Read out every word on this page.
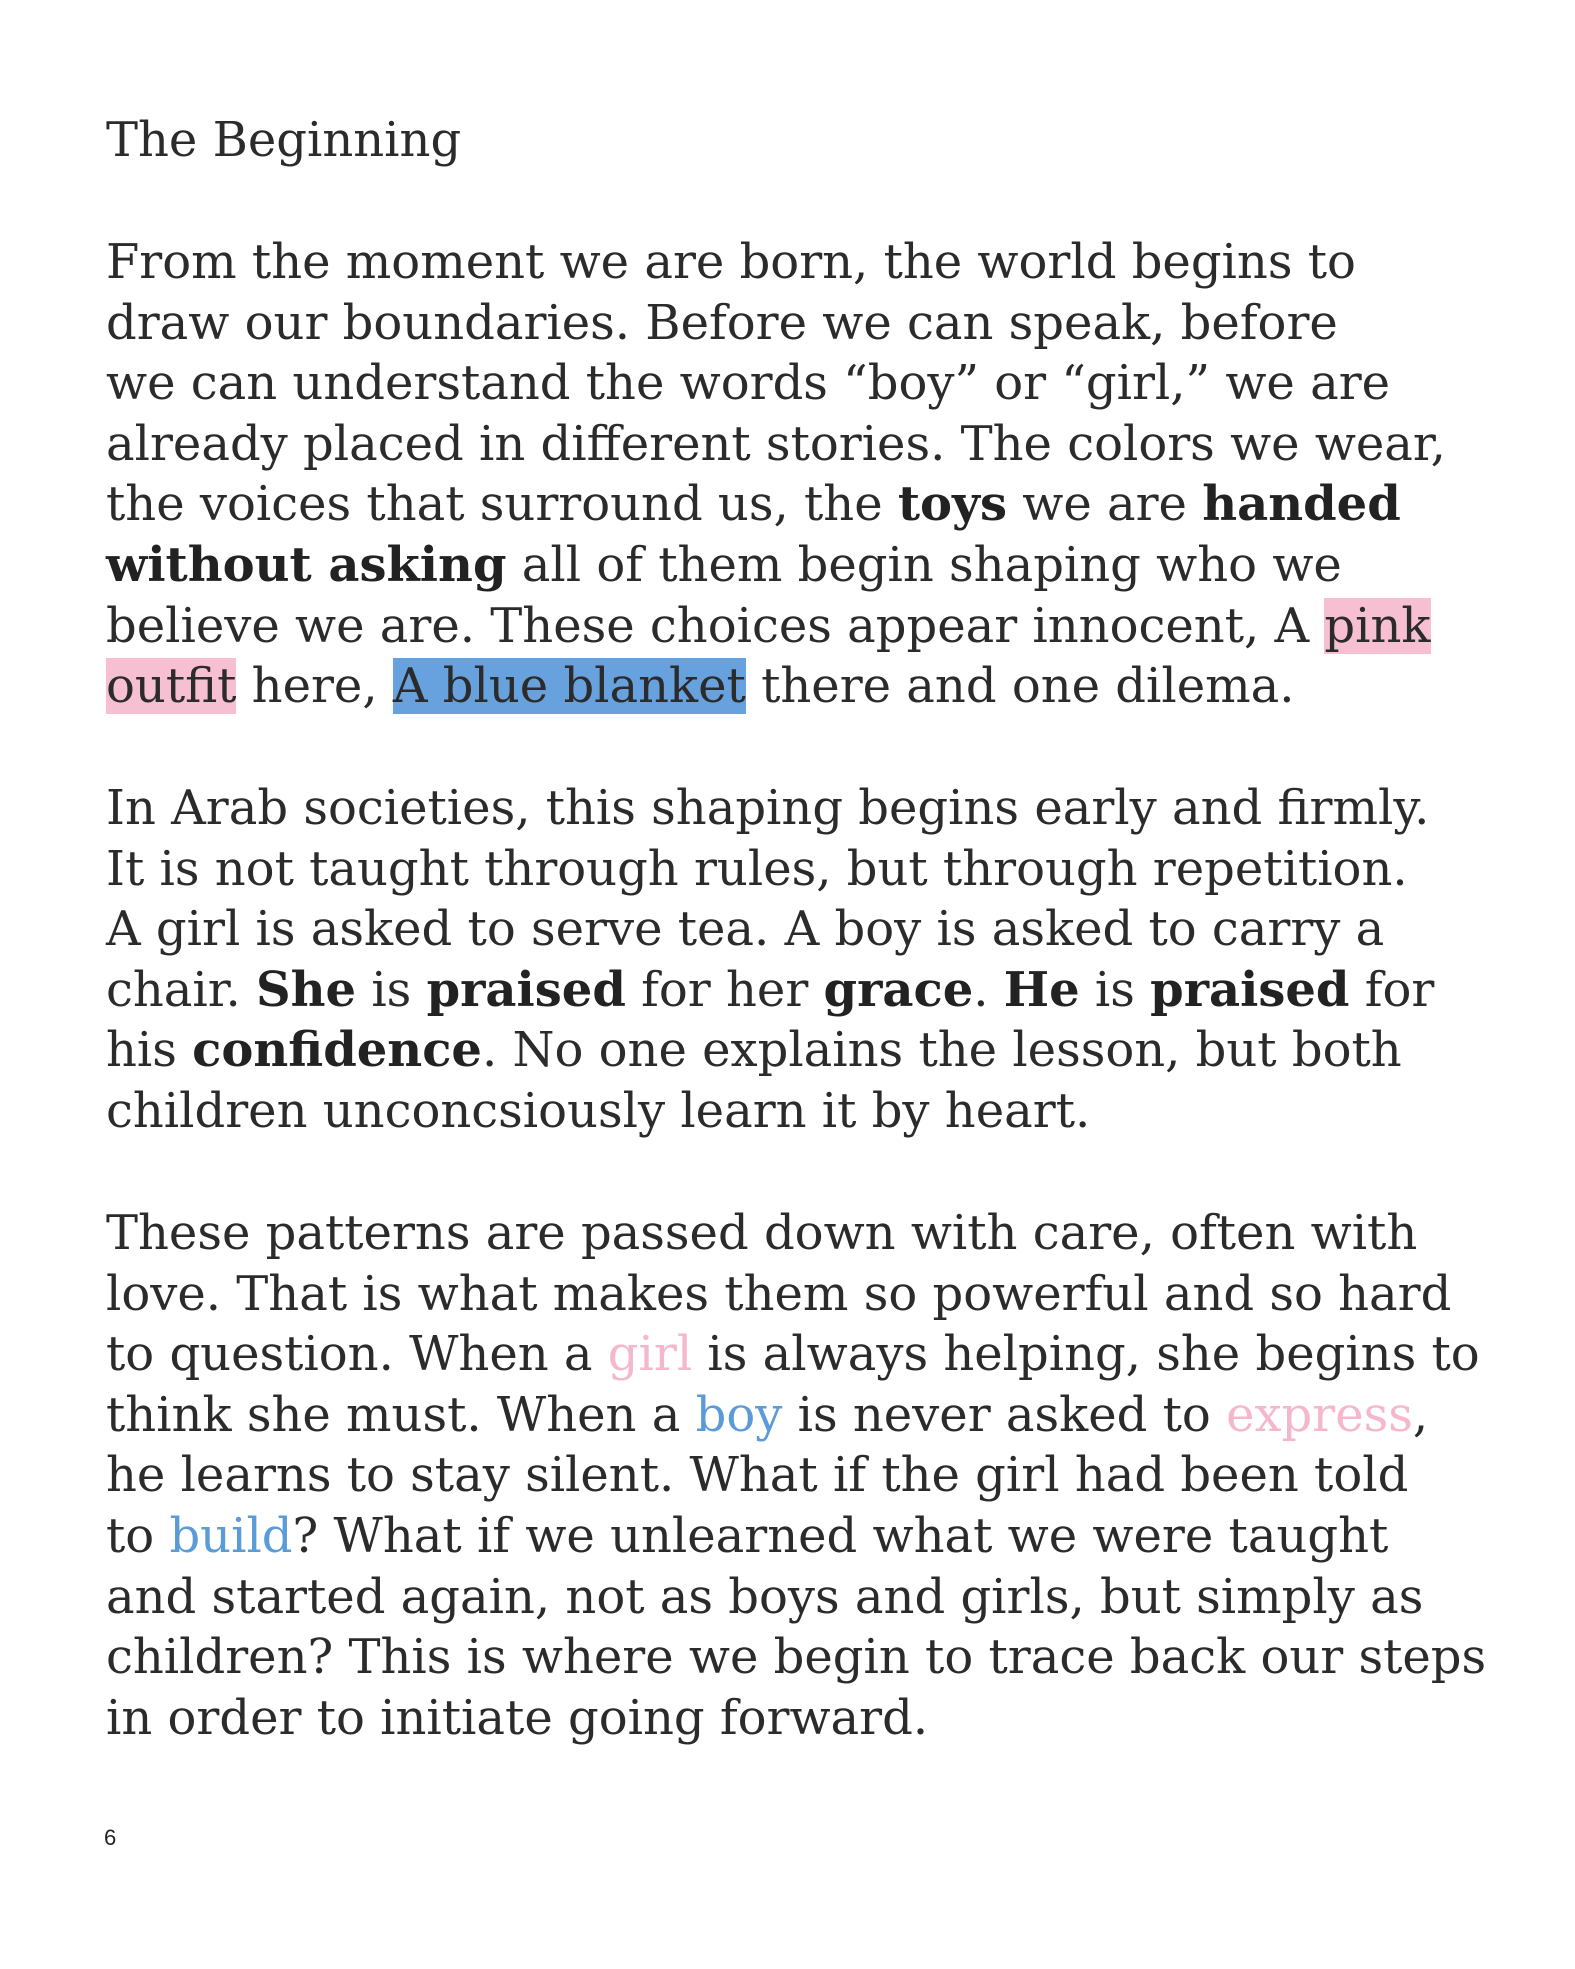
The Beginning
From the moment we are born, the world begins to
draw our boundaries. Before we can speak, before
we can understand the words “boy” or “girl,” we are
already placed in different stories. The colors we wear,
the voices that surround us, the toys we are handed
without asking all of them begin shaping who we
believe we are. These choices appear innocent, A pink
outfit here, A blue blanket there and one dilema.
In Arab societies, this shaping begins early and firmly.
It is not taught through rules, but through repetition.
A girl is asked to serve tea. A boy is asked to carry a
chair. She is praised for her grace. He is praised for
his confidence. No one explains the lesson, but both
children unconcsiously learn it by heart.
These patterns are passed down with care, often with
love. That is what makes them so powerful and so hard
to question. When a girl is always helping, she begins to
think she must. When a boy is never asked to express,
he learns to stay silent. What if the girl had been told
to build? What if we unlearned what we were taught
and started again, not as boys and girls, but simply as
children? This is where we begin to trace back our steps
in order to initiate going forward.
6
